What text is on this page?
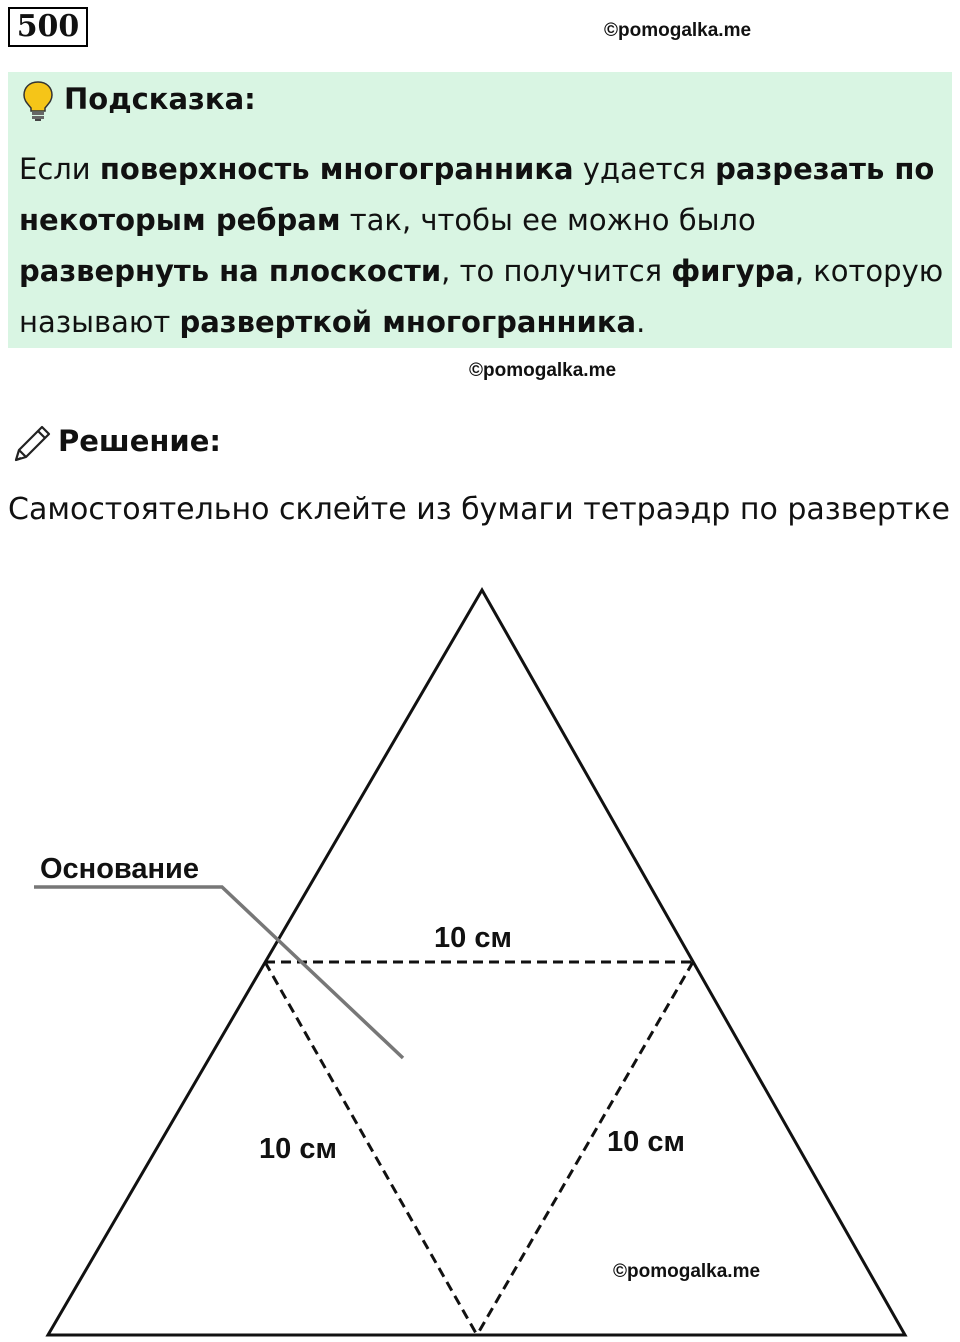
500	©pomogalka.me
Подсказка:
Если поверхность многогранника удается разрезать по некоторым ребрам так, чтобы ее можно было развернуть на плоскости, то получится фигура, которую называют разверткой многогранника.
©pomogalka.me
Решение:
Самостоятельно склейте из бумаги тетраэдр по развертке
Основание
10 см
10 см	10 см
©pomogalka.me
